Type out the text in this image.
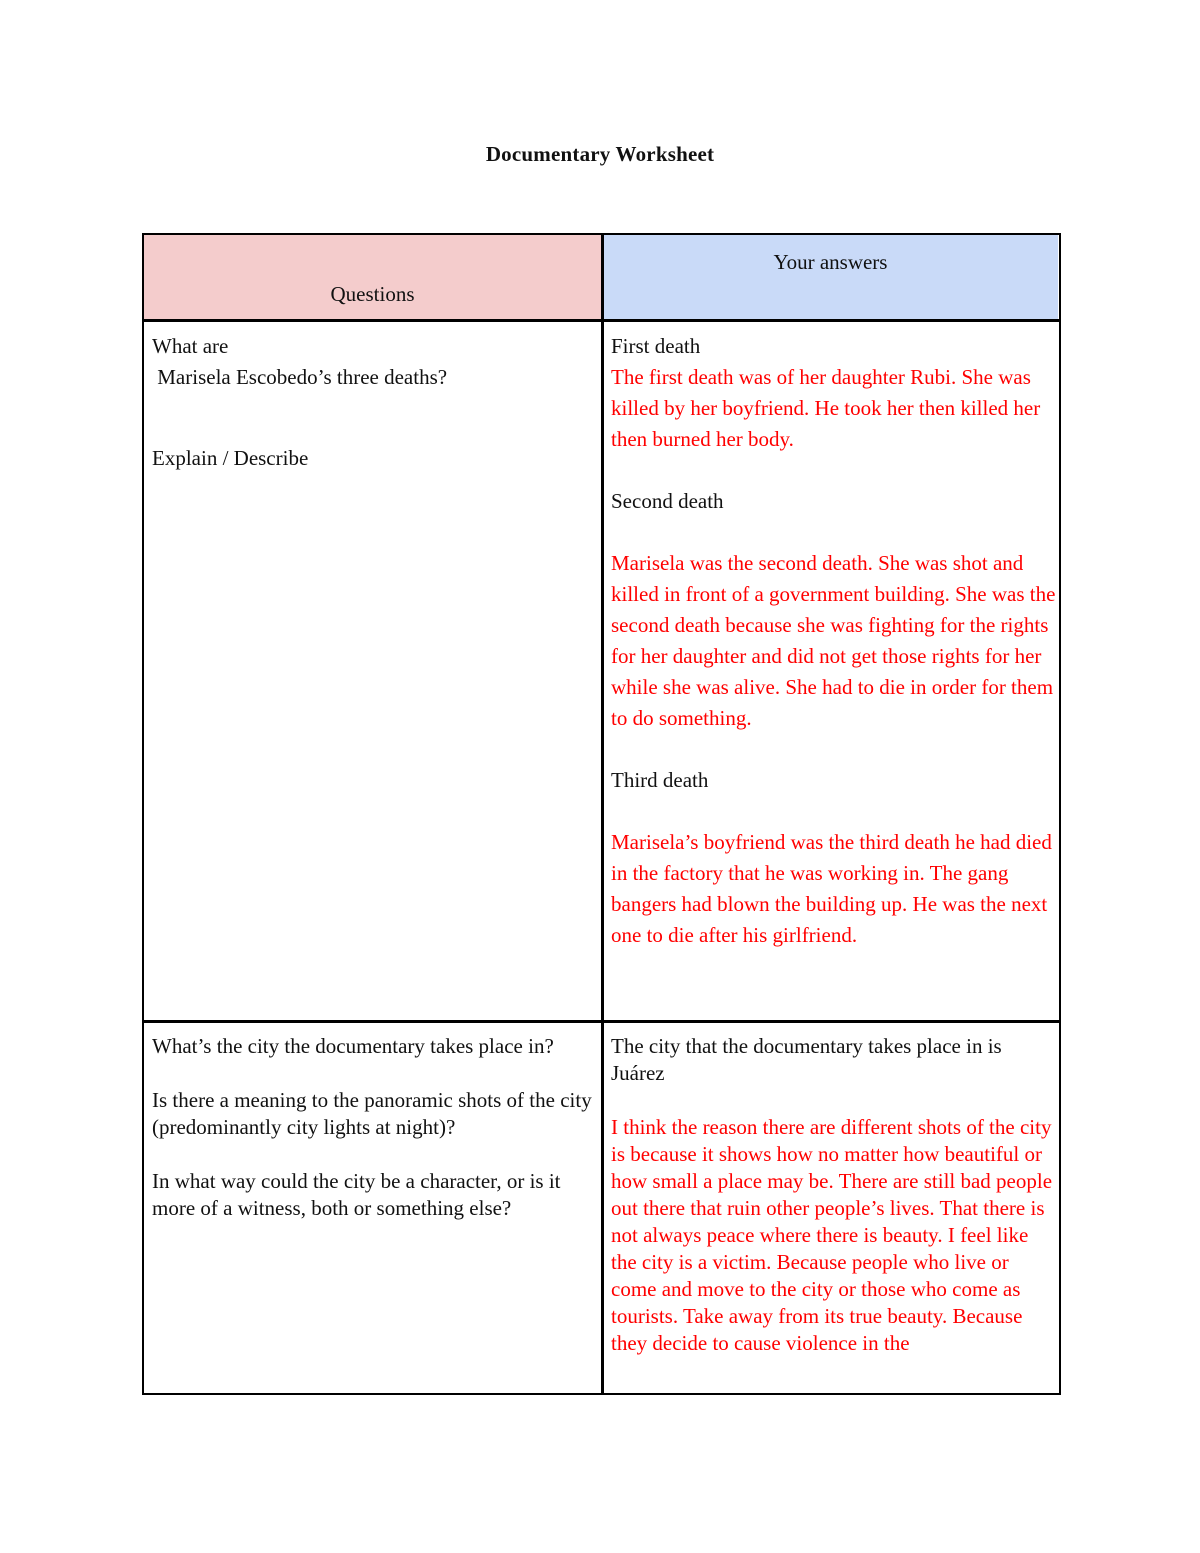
Documentary Worksheet
Questions
Your answers

What are

Marisela Escobedo’s three deaths?

Explain / Describe

First death

The first death was of her daughter Rubi. She was killed by her boyfriend. He took her then killed her then burned her body.

Second death

Marisela was the second death. She was shot and killed in front of a government building. She was the second death because she was fighting for the rights for her daughter and did not get those rights for her while she was alive. She had to die in order for them to do something.

Third death

Marisela’s boyfriend was the third death he had died in the factory that he was working in. The gang bangers had blown the building up. He was the next one to die after his girlfriend.

What’s the city the documentary takes place in?

Is there a meaning to the panoramic shots of the city (predominantly city lights at night)?

In what way could the city be a character, or is it more of a witness, both or something else?

The city that the documentary takes place in is Juárez

I think the reason there are different shots of the city is because it shows how no matter how beautiful or how small a place may be. There are still bad people out there that ruin other people’s lives. That there is not always peace where there is beauty. I feel like the city is a victim. Because people who live or come and move to the city or those who come as tourists. Take away from its true beauty. Because they decide to cause violence in the
